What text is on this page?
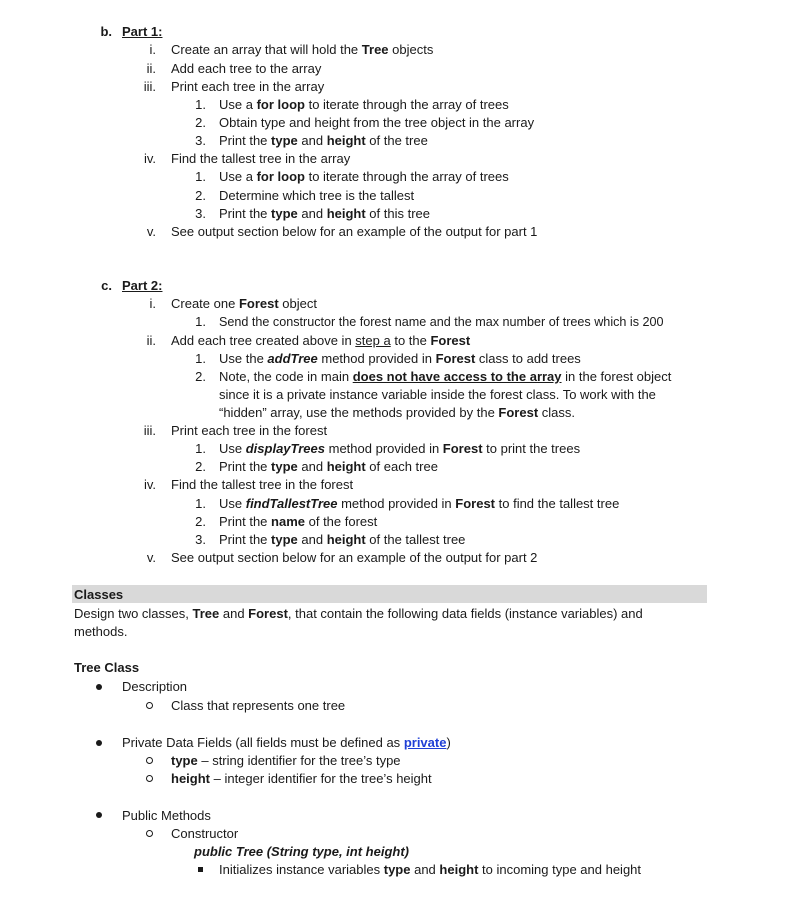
b. Part 1:
i. Create an array that will hold the Tree objects
ii. Add each tree to the array
iii. Print each tree in the array
1. Use a for loop to iterate through the array of trees
2. Obtain type and height from the tree object in the array
3. Print the type and height of the tree
iv. Find the tallest tree in the array
1. Use a for loop to iterate through the array of trees
2. Determine which tree is the tallest
3. Print the type and height of this tree
v. See output section below for an example of the output for part 1
c. Part 2:
i. Create one Forest object
1. Send the constructor the forest name and the max number of trees which is 200
ii. Add each tree created above in step a to the Forest
1. Use the addTree method provided in Forest class to add trees
2. Note, the code in main does not have access to the array in the forest object
since it is a private instance variable inside the forest class. To work with the
“hidden” array, use the methods provided by the Forest class.
iii. Print each tree in the forest
1. Use displayTrees method provided in Forest to print the trees
2. Print the type and height of each tree
iv. Find the tallest tree in the forest
1. Use findTallestTree method provided in Forest to find the tallest tree
2. Print the name of the forest
3. Print the type and height of the tallest tree
v. See output section below for an example of the output for part 2
Classes
Design two classes, Tree and Forest, that contain the following data fields (instance variables) and
methods.
Tree Class
Description
Class that represents one tree
Private Data Fields (all fields must be defined as private)
type – string identifier for the tree’s type
height – integer identifier for the tree’s height
Public Methods
Constructor
public Tree (String type, int height)
Initializes instance variables type and height to incoming type and height
